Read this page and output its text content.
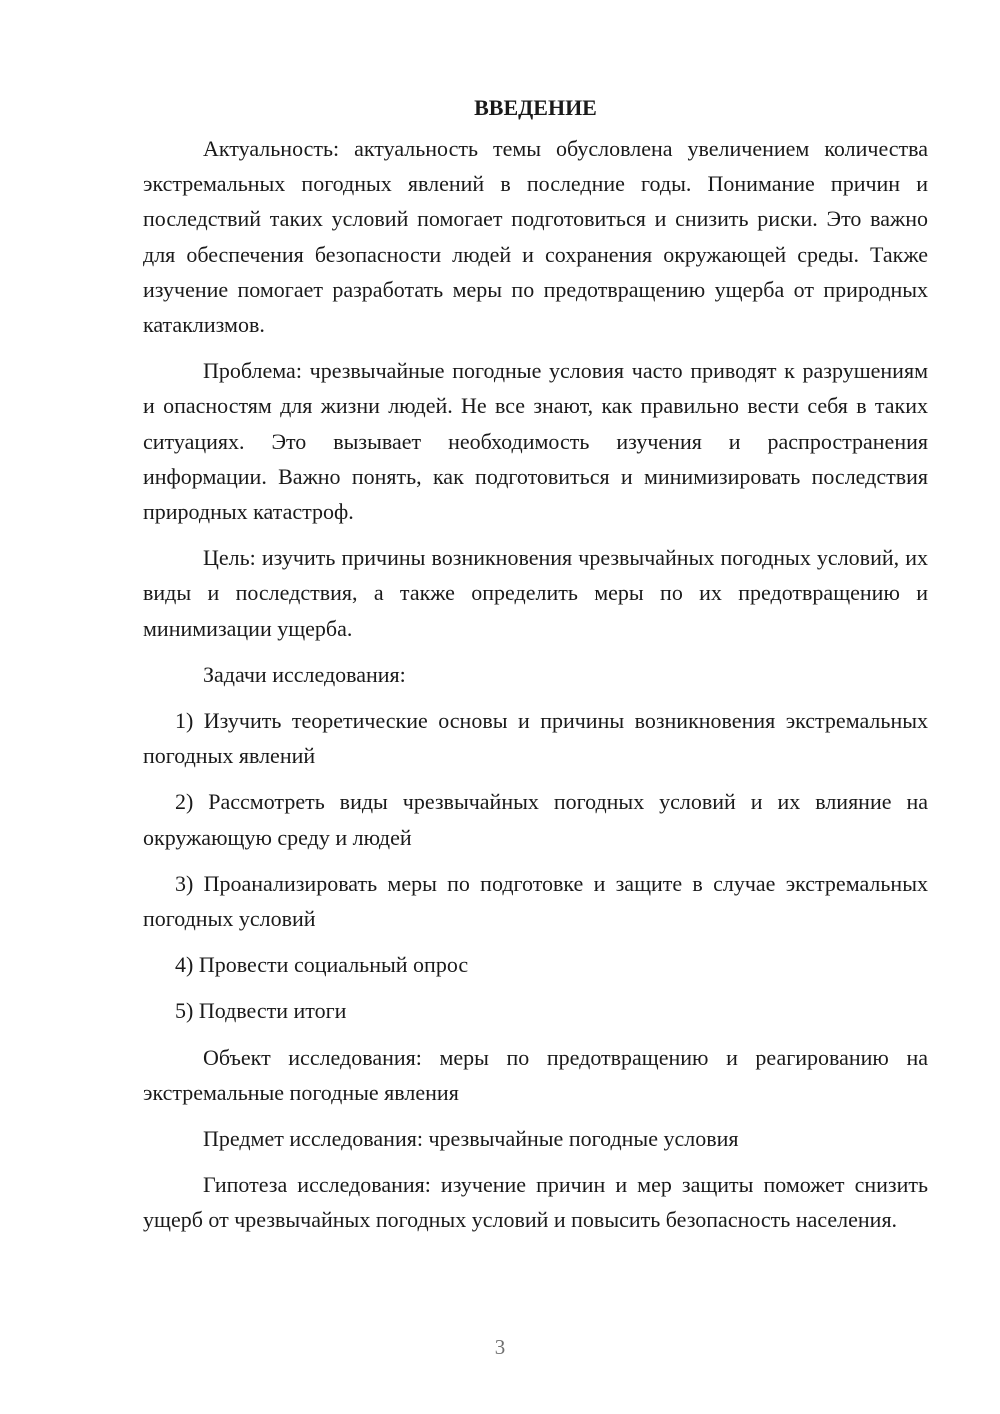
ВВЕДЕНИЕ

Актуальность: актуальность темы обусловлена увеличением количества экстремальных погодных явлений в последние годы. Понимание причин и последствий таких условий помогает подготовиться и снизить риски. Это важно для обеспечения безопасности людей и сохранения окружающей среды. Также изучение помогает разработать меры по предотвращению ущерба от природных катаклизмов.

Проблема: чрезвычайные погодные условия часто приводят к разрушениям и опасностям для жизни людей. Не все знают, как правильно вести себя в таких ситуациях. Это вызывает необходимость изучения и распространения информации. Важно понять, как подготовиться и минимизировать последствия природных катастроф.

Цель: изучить причины возникновения чрезвычайных погодных условий, их виды и последствия, а также определить меры по их предотвращению и минимизации ущерба.

Задачи исследования:

1) Изучить теоретические основы и причины возникновения экстремальных погодных явлений

2) Рассмотреть виды чрезвычайных погодных условий и их влияние на окружающую среду и людей

3) Проанализировать меры по подготовке и защите в случае экстремальных погодных условий

4) Провести социальный опрос

5) Подвести итоги

Объект исследования: меры по предотвращению и реагированию на экстремальные погодные явления

Предмет исследования: чрезвычайные погодные условия

Гипотеза исследования: изучение причин и мер защиты поможет снизить ущерб от чрезвычайных погодных условий и повысить безопасность населения.

3
